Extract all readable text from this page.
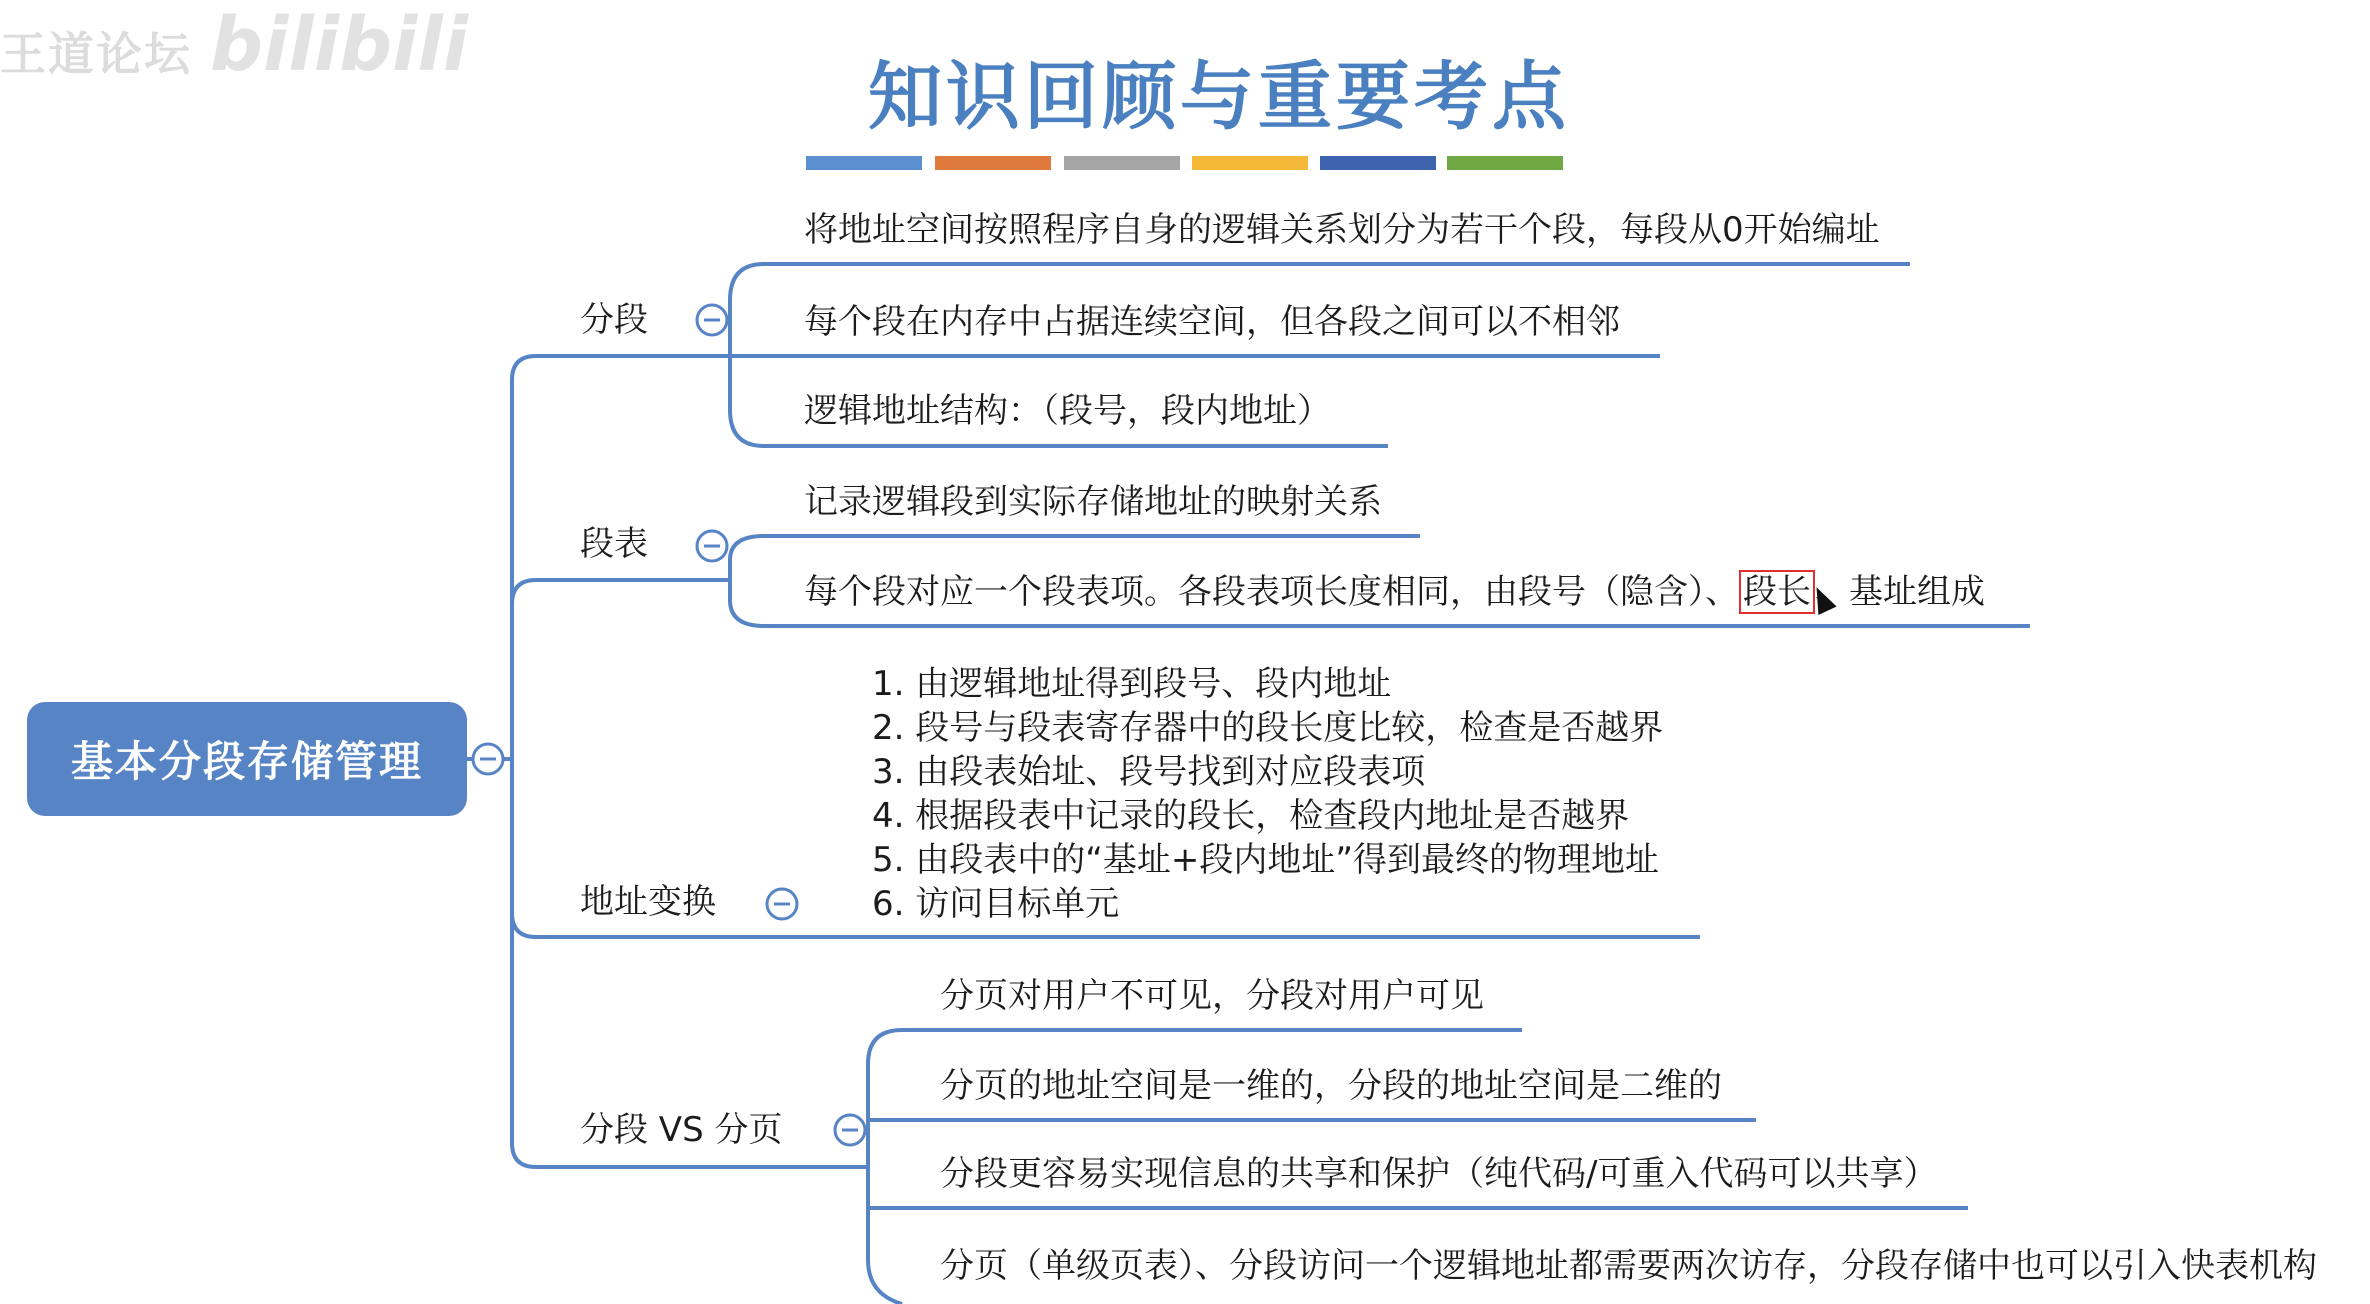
王道论坛 bilibili
知识回顾与重要考点
基本分段存储管理
分段
将地址空间按照程序自身的逻辑关系划分为若干个段，每段从0开始编址
每个段在内存中占据连续空间，但各段之间可以不相邻
逻辑地址结构：（段号，段内地址）
段表
记录逻辑段到实际存储地址的映射关系
每个段对应一个段表项。各段表项长度相同，由段号（隐含）、 段长 、基址组成
地址变换
1. 由逻辑地址得到段号、段内地址
2. 段号与段表寄存器中的段长度比较，检查是否越界
3. 由段表始址、段号找到对应段表项
4. 根据段表中记录的段长，检查段内地址是否越界
5. 由段表中的“基址+段内地址”得到最终的物理地址
6. 访问目标单元
分段 VS 分页
分页对用户不可见，分段对用户可见
分页的地址空间是一维的，分段的地址空间是二维的
分段更容易实现信息的共享和保护（纯代码/可重入代码可以共享）
分页（单级页表）、分段访问一个逻辑地址都需要两次访存，分段存储中也可以引入快表机构
